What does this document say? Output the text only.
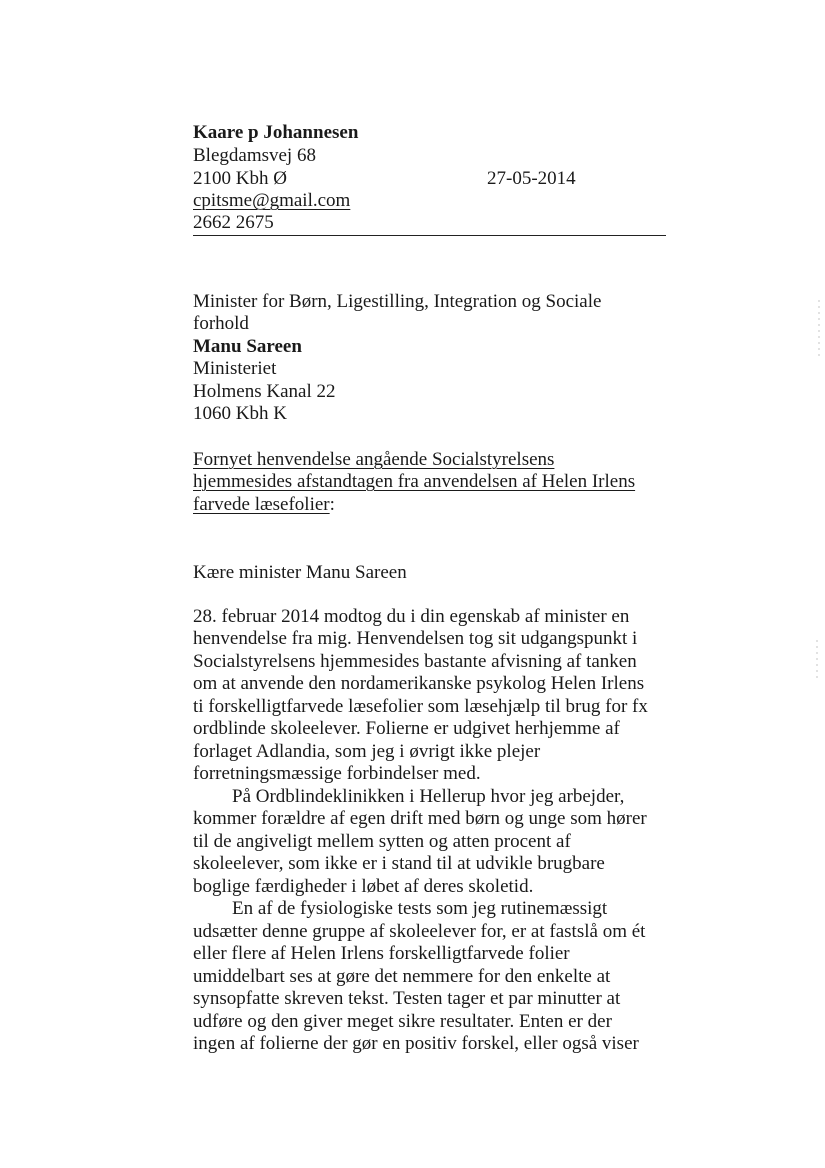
Kaare p Johannesen
Blegdamsvej 68
2100 Kbh Ø	27-05-2014
cpitsme@gmail.com
2662 2675
Minister for Børn, Ligestilling, Integration og Sociale
forhold
Manu Sareen
Ministeriet
Holmens Kanal 22
1060 Kbh K
Fornyet henvendelse angående Socialstyrelsens
hjemmesides afstandtagen fra anvendelsen af Helen Irlens
farvede læsefolier:
Kære minister Manu Sareen
28. februar 2014 modtog du i din egenskab af minister en
henvendelse fra mig. Henvendelsen tog sit udgangspunkt i
Socialstyrelsens hjemmesides bastante afvisning af tanken
om at anvende den nordamerikanske psykolog Helen Irlens
ti forskelligtfarvede læsefolier som læsehjælp til brug for fx
ordblinde skoleelever. Folierne er udgivet herhjemme af
forlaget Adlandia, som jeg i øvrigt ikke plejer
forretningsmæssige forbindelser med.
På Ordblindeklinikken i Hellerup hvor jeg arbejder,
kommer forældre af egen drift med børn og unge som hører
til de angiveligt mellem sytten og atten procent af
skoleelever, som ikke er i stand til at udvikle brugbare
boglige færdigheder i løbet af deres skoletid.
En af de fysiologiske tests som jeg rutinemæssigt
udsætter denne gruppe af skoleelever for, er at fastslå om ét
eller flere af Helen Irlens forskelligtfarvede folier
umiddelbart ses at gøre det nemmere for den enkelte at
synsopfatte skreven tekst. Testen tager et par minutter at
udføre og den giver meget sikre resultater. Enten er der
ingen af folierne der gør en positiv forskel, eller også viser
